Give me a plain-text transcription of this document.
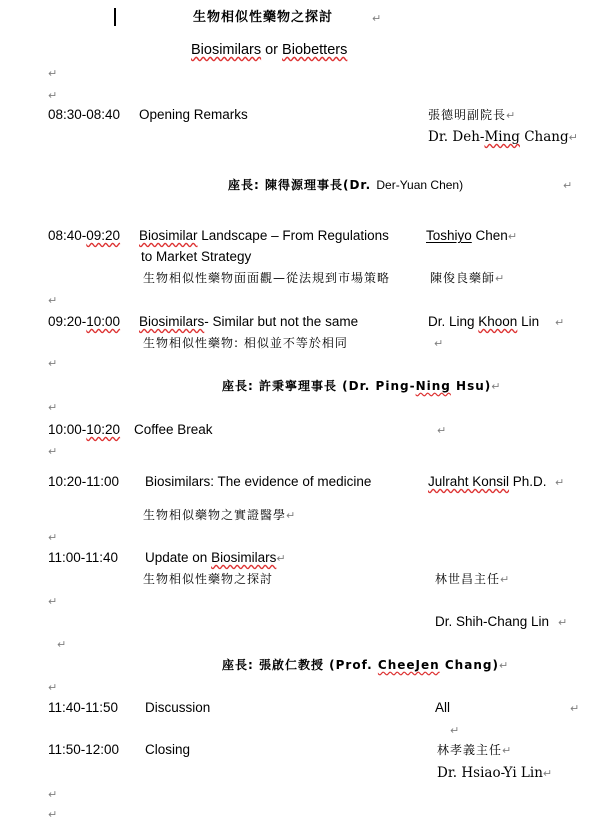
生物相似性藥物之探討	↵
Biosimilars or Biobetters
↵
↵
08:30-08:40 Opening Remarks	張德明副院長↵
Dr. Deh-Ming Chang↵
座長: 陳得源理事長(Dr. Der-Yuan Chen)	↵
08:40-09:20 Biosimilar Landscape – From Regulations	Toshiyo Chen↵
to Market Strategy
生物相似性藥物面面觀—從法規到市場策略	陳俊良藥師↵
↵
09:20-10:00 Biosimilars- Similar but not the same	Dr. Ling Khoon Lin ↵
生物相似性藥物: 相似並不等於相同	↵
↵
座長: 許秉寧理事長 (Dr. Ping-Ning Hsu)↵
↵
10:00-10:20 Coffee Break	↵
↵
10:20-11:00 Biosimilars: The evidence of medicine	Julraht Konsil Ph.D. ↵
生物相似藥物之實證醫學↵
↵
11:00-11:40 Update on Biosimilars↵
生物相似性藥物之探討	林世昌主任↵
↵
Dr. Shih-Chang Lin ↵
↵
座長: 張啟仁教授 (Prof. CheeJen Chang)↵
↵
11:40-11:50 Discussion	All	↵
↵
11:50-12:00 Closing	林孝義主任↵
Dr. Hsiao-Yi Lin↵
↵
↵
